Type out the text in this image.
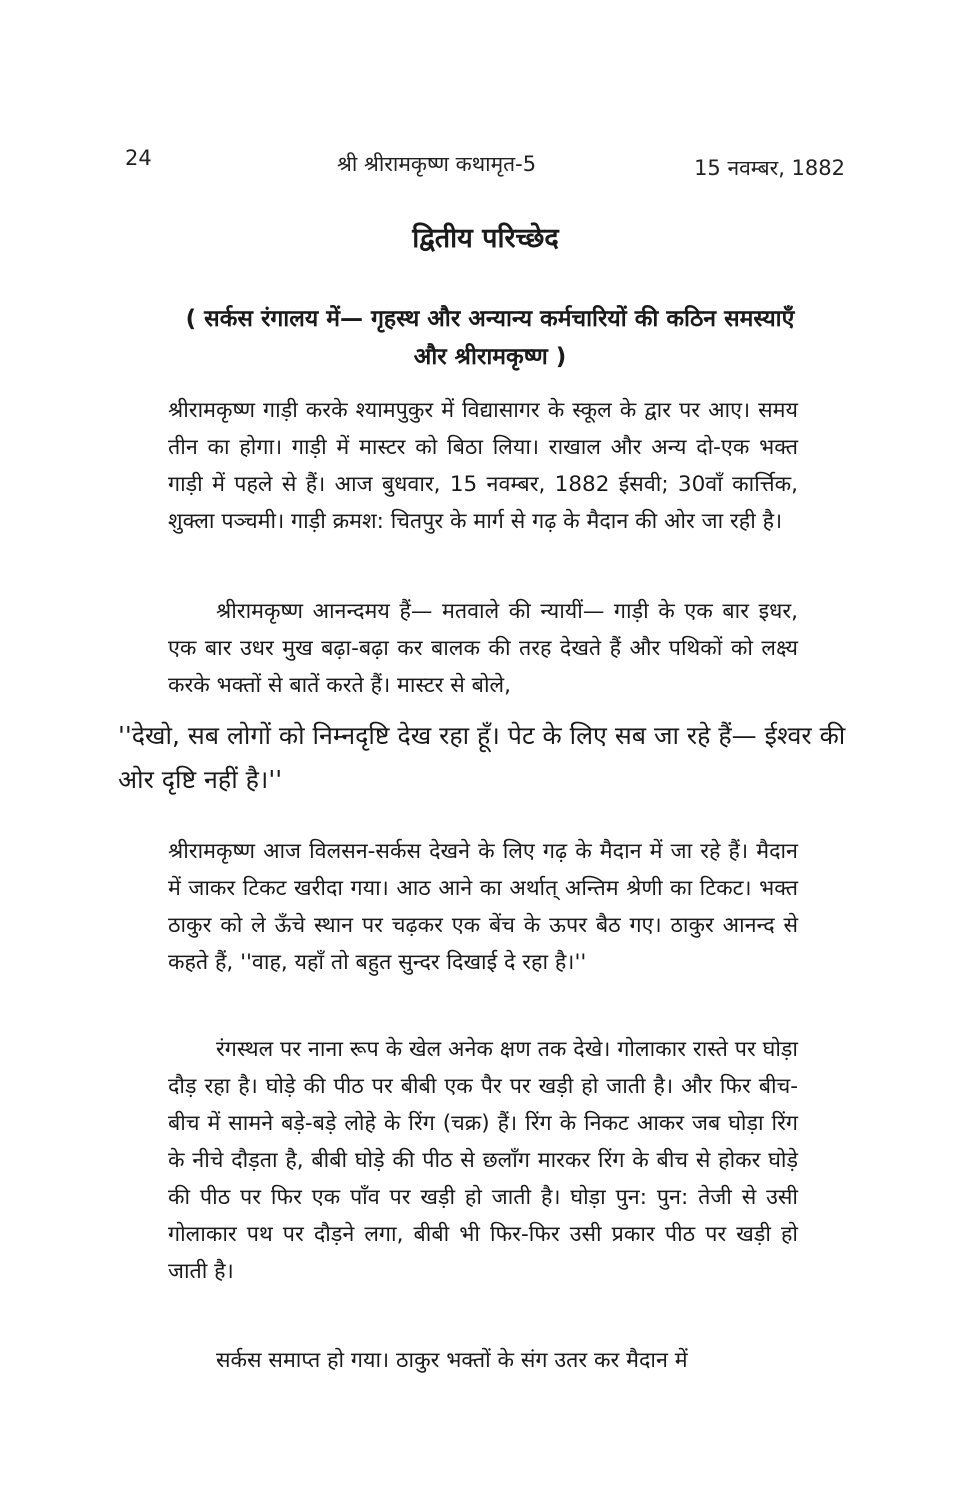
24	श्री श्रीरामकृष्ण कथामृत-5	15 नवम्बर, 1882
द्वितीय परिच्छेद
( सर्कस रंगालय में— गृहस्थ और अन्यान्य कर्मचारियों की कठिन समस्याएँ और श्रीरामकृष्ण )

श्रीरामकृष्ण गाड़ी करके श्यामपुकुर में विद्यासागर के स्कूल के द्वार पर आए। समय तीन का होगा। गाड़ी में मास्टर को बिठा लिया। राखाल और अन्य दो-एक भक्त गाड़ी में पहले से हैं। आज बुधवार, 15 नवम्बर, 1882 ईसवी; 30वाँ कार्त्तिक, शुक्ला पञ्चमी। गाड़ी क्रमश: चितपुर के मार्ग से गढ़ के मैदान की ओर जा रही है।

श्रीरामकृष्ण आनन्दमय हैं— मतवाले की न्यायीं— गाड़ी के एक बार इधर, एक बार उधर मुख बढ़ा-बढ़ा कर बालक की तरह देखते हैं और पथिकों को लक्ष्य करके भक्तों से बातें करते हैं। मास्टर से बोले,

''देखो, सब लोगों को निम्नदृष्टि देख रहा हूँ। पेट के लिए सब जा रहे हैं— ईश्वर की ओर दृष्टि नहीं है।''

श्रीरामकृष्ण आज विलसन-सर्कस देखने के लिए गढ़ के मैदान में जा रहे हैं। मैदान में जाकर टिकट खरीदा गया। आठ आने का अर्थात् अन्तिम श्रेणी का टिकट। भक्त ठाकुर को ले ऊँचे स्थान पर चढ़कर एक बेंच के ऊपर बैठ गए। ठाकुर आनन्द से कहते हैं, ''वाह, यहाँ तो बहुत सुन्दर दिखाई दे रहा है।''

रंगस्थल पर नाना रूप के खेल अनेक क्षण तक देखे। गोलाकार रास्ते पर घोड़ा दौड़ रहा है। घोड़े की पीठ पर बीबी एक पैर पर खड़ी हो जाती है। और फिर बीच-बीच में सामने बड़े-बड़े लोहे के रिंग (चक्र) हैं। रिंग के निकट आकर जब घोड़ा रिंग के नीचे दौड़ता है, बीबी घोड़े की पीठ से छलाँग मारकर रिंग के बीच से होकर घोड़े की पीठ पर फिर एक पाँव पर खड़ी हो जाती है। घोड़ा पुन: पुन: तेजी से उसी गोलाकार पथ पर दौड़ने लगा, बीबी भी फिर-फिर उसी प्रकार पीठ पर खड़ी हो जाती है।

सर्कस समाप्त हो गया। ठाकुर भक्तों के संग उतर कर मैदान में
